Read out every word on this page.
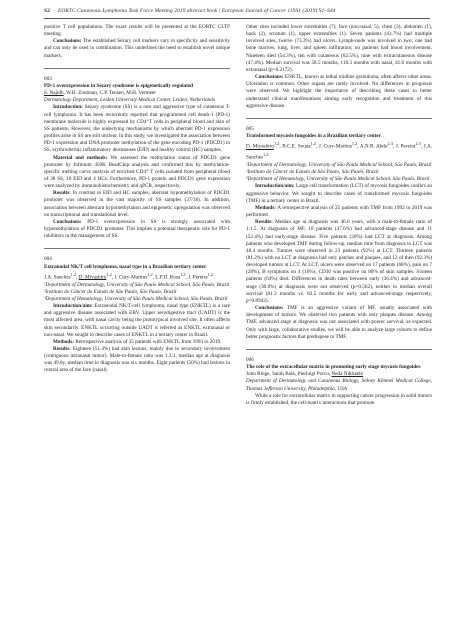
S2 EORTC Cutaneous Lymphoma Task Force Meeting 2019 abstract book | European Journal of Cancer 119S1 (2019) S1–S44

positive T cell populations. The exact results will be presented at the EORTC CLTF meeting.

Conclusions: The established Sézary cell markers vary in specificity and sensitivity and can only be used in combination. This underlines the need to establish novel unique markers.

003

PD-1 overexpression in Sézary syndrome is epigenetically regulated

S. Najidh, W.H. Zoutman, C.P. Tensen, M.H. Vermeer

Dermatology Department, Leiden University Medical Center, Leiden, Netherlands

Introduction: Sézary syndrome (SS) is a rare and aggressive type of cutaneous T-cell lymphoma. It has been recurrently reported that programmed cell death-1 (PD-1) membrane molecule is highly expressed by CD4⁺T cells in peripheral blood and skin of SS patients. However, the underlying mechanisms by which aberrant PD-1 expression profiles arise in SS are still unclear. In this study, we investigated the association between PD-1 expression and DNA promoter methylation of the gene encoding PD-1 (PDCD1) in SS, erythrodermic inflammatory dermatoses (EID) and healthy control (HC) samples.

Material and methods: We assessed the methylation status of PDCD1 gene promoter by Infinium 450K BeadChip analysis and confirmed this by methylation-specific melting curve analysis of enriched CD4⁺ T cells isolated from peripheral blood of 38 SS, 10 EID and 4 HCs. Furthermore, PD-1 protein and PDCD1 gene expression were analyzed by immunohistochemistry and qPCR, respectively.

Results: In contrast to EID and HC samples, aberrant hypomethylation of PDCD1 promoter was observed in the vast majority of SS samples (37/38). In addition, association between aberrant hypomethylation and epigenetic upregulation was observed on transcriptional and translational level.

Conclusions: PD-1 overexpression in SS is strongly associated with hypomethylation of PDCD1 promoter. This implies a potential therapeutic role for PD-1 inhibitors in the management of SS.

004

Extranodal NK/T cell lymphoma, nasal type in a Brazilian tertiary center

J.A. Sanches$^{1,2}$, D. Miyashiro$^{1,2}$, J. Cury-Martins$^{1,2}$, L.F.D. Rosa$^{1,3}$, J. Pereira$^{1,2}$

¹Department of Dermatology, University of São Paulo Medical School, São Paulo, Brazil

²Instituto do Câncer do Estado de São Paulo, São Paulo, Brazil

³Department of Hematology, University of São Paulo Medical School, São Paulo, Brazil

Introduction/aim: Extranodal NK/T-cell lymphoma, nasal type (ENKTL) is a rare and aggressive disease associated with EBV. Upper aerodigestive tract (UADT) is the most affected area, with nasal cavity being the prototypical involved site. It often affects skin secondarily. ENKTL occurring outside UADT is referred as ENKTL extranasal or non-nasal. We sought to describe cases of ENKTL in a tertiary center in Brazil.

Methods: Retrospective analysis of 35 patients with ENKTL from 1993 to 2019.

Results: Eighteen (51.4%) had skin lesions, mainly due to secondary involvement (contiguous intranasal tumor). Male-to-female ratio was 1.3:1, median age at diagnosis was 49.8y, median time to diagnosis was six months. Eight patients (50%) had lesions in central area of the face (nasal).

Other sites included lower extremities (7), face (non-nasal, 5), chest (3), abdomen (1), back (2), scrotum (1), upper extremities (1). Seven patients (43.7%) had multiple involved sites, twelve (73.3%) had ulcers. Lymph-node was involved in two; one had bone marrow, lung, liver, and spleen infiltration; no patients had blood involvement. Nineteen died (54.3%), ten with cutaneous (62.5%), nine with extracutaneous disease (47.4%). Median survival was 58.5 months, 118.3 months with nasal, 41.6 months with extranasal (p=0.2172).

Conclusions: ENKTL, known as lethal midline granuloma, often affects other areas. Ulceration is common. Other organs are rarely involved. No differences in prognosis were observed. We highlight the importance of describing these cases to better understand clinical manifestations aiming early recognition and treatment of this aggressive disease.

005

Transformed mycosis fungoides in a Brazilian tertiary center

D. Miyashiro$^{1,2}$, B.C.E. Souza$^{1,2}$, J. Cury-Martins$^{1,2}$, A.N.R. Abdo$^{2,3}$, J. Pereira$^{2,3}$, J.A. Sanches$^{1,2}$

¹Department of Dermatology, University of São Paulo Medical School, São Paulo, Brazil

²Instituto do Câncer do Estado de São Paulo, São Paulo, Brazil

³Department of Hematology, University of São Paulo Medical School, São Paulo, Brazil

Introduction/aim: Large cell transformation (LCT) of mycosis fungoides confers an aggressive behavior. We sought to describe cases of transformed mycosis fungoides (TMF) in a tertiary center in Brazil.

Methods: A retrospective analysis of 25 patients with TMF from 1992 to 2019 was performed.

Results: Median age at diagnosis was 46.0 years, with a male-to-female ratio of 1:1.5. At diagnosis of MF, 10 patients (47.6%) had advanced-stage disease and 11 (52.4%) had early-stage disease. Five patients (20%) had LCT at diagnosis. Among patients who developed TMF during follow-up, median time from diagnosis to LCT was 48.4 months. Tumors were observed in 23 patients (92%) at LCT. Thirteen patients (81.2%) with no LCT at diagnosis had only patches and plaques, and 12 of then (92.3%) developed tumors at LCT. At LCT, ulcers were observed on 17 patients (68%), pain on 7 (28%), B symptoms on 4 (16%), CD30 was positive on 80% of skin samples. Sixteen patients (64%) died. Differences in death rates between early (36.4%) and advanced-stage (30.0%) at diagnosis were not observed (p=0.562), neither in median overall survival (81.3 months vs. 82.5 months for early and advanced-stage respectively, p=0.8942).

Conclusions: TMF is an aggressive variant of MF, usually associated with development of tumors. We observed two patients with only plaques disease. Among TMF, advanced stage at diagnosis was not associated with poorer survival, as expected. Only with large, collaborative studies, we will be able to analyze large cohorts to define better prognostic factors that predispose to TMF.

006

The role of the extracellular matrix in promoting early stage mycosis fungoides

John Ringe, Sarah Baik, Pierluigi Porcu, Neda Nikbakht

Department of Dermatology and Cutaneous Biology, Sidney Kimmel Medical College, Thomas Jefferson University, Philadelphia, USA

While a role for extracellular matrix in supporting cancer progression in solid tumors is firmly established, the cell-matrix interactions that promote
